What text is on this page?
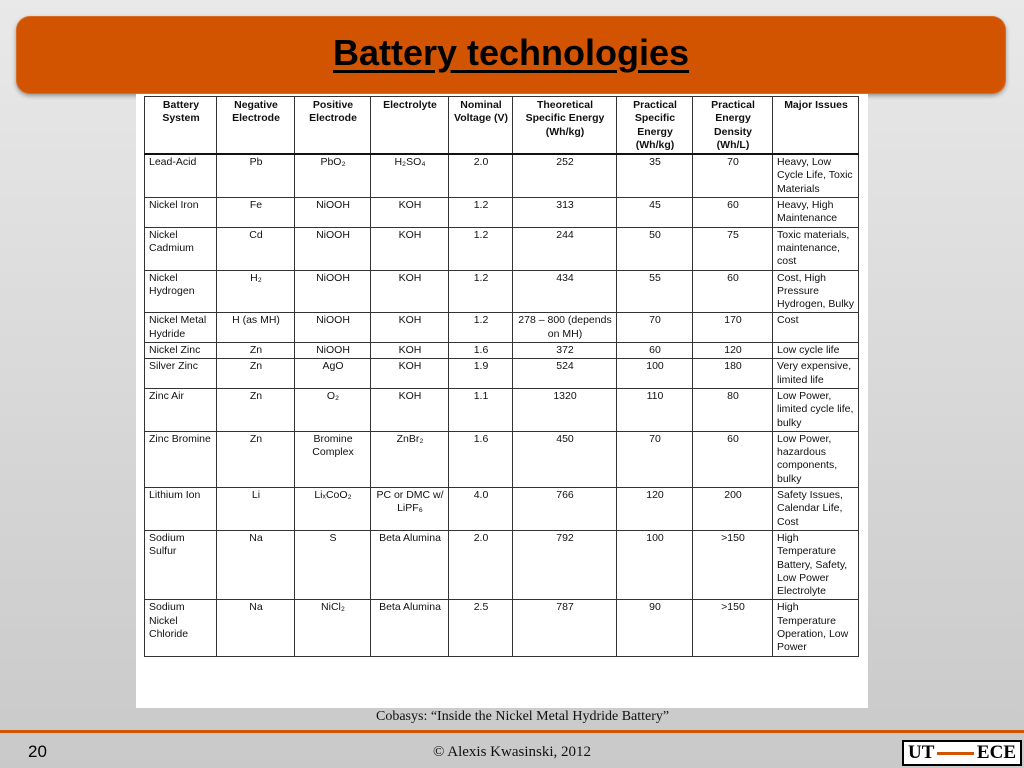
Battery technologies
Battery System	Negative Electrode	Positive Electrode	Electrolyte	Nominal Voltage (V)	Theoretical Specific Energy (Wh/kg)	Practical Specific Energy (Wh/kg)	Practical Energy Density (Wh/L)	Major Issues
Lead-Acid	Pb	PbO₂	H₂SO₄	2.0	252	35	70	Heavy, Low Cycle Life, Toxic Materials
Nickel Iron	Fe	NiOOH	KOH	1.2	313	45	60	Heavy, High Maintenance
Nickel Cadmium	Cd	NiOOH	KOH	1.2	244	50	75	Toxic materials, maintenance, cost
Nickel Hydrogen	H₂	NiOOH	KOH	1.2	434	55	60	Cost, High Pressure Hydrogen, Bulky
Nickel Metal Hydride	H (as MH)	NiOOH	KOH	1.2	278 – 800 (depends on MH)	70	170	Cost
Nickel Zinc	Zn	NiOOH	KOH	1.6	372	60	120	Low cycle life
Silver Zinc	Zn	AgO	KOH	1.9	524	100	180	Very expensive, limited life
Zinc Air	Zn	O₂	KOH	1.1	1320	110	80	Low Power, limited cycle life, bulky
Zinc Bromine	Zn	Bromine Complex	ZnBr₂	1.6	450	70	60	Low Power, hazardous components, bulky
Lithium Ion	Li	LiₓCoO₂	PC or DMC w/ LiPF₆	4.0	766	120	200	Safety Issues, Calendar Life, Cost
Sodium Sulfur	Na	S	Beta Alumina	2.0	792	100	>150	High Temperature Battery, Safety, Low Power Electrolyte
Sodium Nickel Chloride	Na	NiCl₂	Beta Alumina	2.5	787	90	>150	High Temperature Operation, Low Power
Cobasys: “Inside the Nickel Metal Hydride Battery”
20	© Alexis Kwasinski, 2012	UT ECE
